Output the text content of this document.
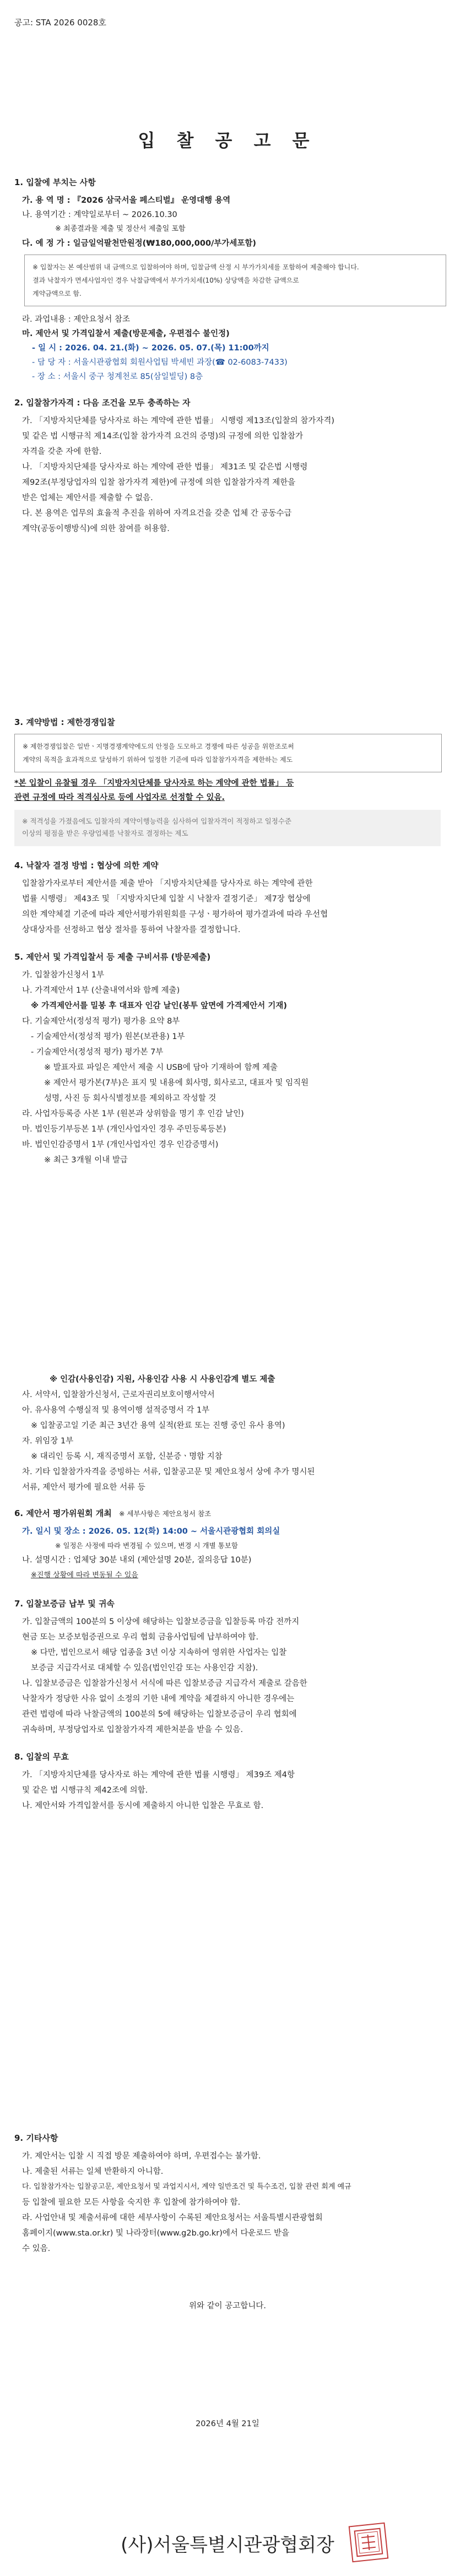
공고: STA 2026 0028호
입 찰 공 고 문
1. 입찰에 부치는 사항
가. 용 역 명 : 『2026 삼국서울 페스티벌』 운영대행 용역
나. 용역기간 : 계약일로부터 ~ 2026.10.30
※ 최종결과물 제출 및 정산서 제출일 포함
다. 예 정 가 : 일금일억팔천만원정(₩180,000,000/부가세포함)
※ 입찰자는 본 예산범위 내 금액으로 입찰하여야 하며, 입찰금액 산정 시 부가가치세를 포함하여 제출해야 합니다.
결과 낙찰자가 면세사업자인 경우 낙찰금액에서 부가가치세(10%) 상당액을 차감한 금액으로
계약금액으로 함.
라. 과업내용 : 제안요청서 참조
마. 제안서 및 가격입찰서 제출(방문제출, 우편접수 불인정)
- 일 시 : 2026. 04. 21.(화) ~ 2026. 05. 07.(목) 11:00까지
- 담 당 자 : 서울시관광협회 회원사업팀 박세빈 과장(☎ 02-6083-7433)
- 장 소 : 서울시 중구 청계천로 85(삼일빌딩) 8층
2. 입찰참가자격 : 다음 조건을 모두 충족하는 자
가. 「지방자치단체를 당사자로 하는 계약에 관한 법률」 시행령 제13조(입찰의 참가자격)
및 같은 법 시행규칙 제14조(입찰 참가자격 요건의 증명)의 규정에 의한 입찰참가
자격을 갖춘 자에 한함.
나. 「지방자치단체를 당사자로 하는 계약에 관한 법률」 제31조 및 같은법 시행령
제92조(부정당업자의 입찰 참가자격 제한)에 규정에 의한 입찰참가자격 제한을
받은 업체는 제안서를 제출할 수 없음.
다. 본 용역은 업무의 효율적 추진을 위하여 자격요건을 갖춘 업체 간 공동수급
계약(공동이행방식)에 의한 참여를 허용함.
3. 계약방법 : 제한경쟁입찰
※ 제한경쟁입찰은 일반ㆍ지명경쟁계약에도의 안정을 도모하고 경쟁에 따른 성공을 위한조로써
계약의 목적을 효과적으로 달성하기 위하여 일정한 기준에 따라 입찰참가자격을 제한하는 제도
*본 입찰이 유찰될 경우 「지방자치단체를 당사자로 하는 계약에 관한 법률」 등
관련 규정에 따라 적격심사로 등에 사업자로 선정할 수 있음.
※ 적격성을 가졌음에도 입찰자의 계약이행능력을 심사하여 입찰자격이 적정하고 일정수준
이상의 평점을 받은 우량업체를 낙찰자로 결정하는 제도
4. 낙찰자 결정 방법 : 협상에 의한 계약
입찰참가자로부터 제안서를 제출 받아 「지방자치단체를 당사자로 하는 계약에 관한
법률 시행령」 제43조 및 「지방자치단체 입찰 시 낙찰자 결정기준」 제7장 협상에
의한 계약체결 기준에 따라 제안서평가위원회를 구성ㆍ평가하여 평가결과에 따라 우선협
상대상자를 선정하고 협상 절차를 통하여 낙찰자를 결정합니다.
5. 제안서 및 가격입찰서 등 제출 구비서류 (방문제출)
가. 입찰참가신청서 1부
나. 가격제안서 1부 (산출내역서와 함께 제출)
※ 가격제안서를 밀봉 후 대표자 인감 날인(봉투 앞면에 가격제안서 기재)
다. 기술제안서(정성적 평가) 평가용 요약 8부
- 기술제안서(정성적 평가) 원본(보관용) 1부
- 기술제안서(정성적 평가) 평가본 7부
※ 발표자료 파일은 제안서 제출 시 USB에 담아 기재하여 함께 제출
※ 제안서 평가본(7부)은 표지 및 내용에 회사명, 회사로고, 대표자 및 임직원
성명, 사진 등 회사식별정보를 제외하고 작성할 것
라. 사업자등록증 사본 1부 (원본과 상위함을 명기 후 인감 날인)
마. 법인등기부등본 1부 (개인사업자인 경우 주민등록등본)
바. 법인인감증명서 1부 (개인사업자인 경우 인감증명서)
※ 최근 3개월 이내 발급
※ 인감(사용인감) 지원, 사용인감 사용 시 사용인감계 별도 제출
사. 서약서, 입찰참가신청서, 근로자권리보호이행서약서
아. 유사용역 수행실적 및 용역이행 설적증명서 각 1부
※ 입찰공고일 기준 최근 3년간 용역 실적(완료 또는 진행 중인 유사 용역)
자. 위임장 1부
※ 대리인 등록 시, 재직증명서 포함, 신분증ㆍ명함 지참
차. 기타 입찰참가자격을 증빙하는 서류, 입찰공고문 및 제안요청서 상에 추가 명시된
서류, 제안서 평가에 필요한 서류 등
6. 제안서 평가위원회 개최 ※ 세부사항은 제안요청서 참조
가. 일시 및 장소 : 2026. 05. 12(화) 14:00 ~ 서울시관광협회 회의실
※ 일정은 사정에 따라 변경될 수 있으며, 변경 시 개별 통보함
나. 설명시간 : 업체당 30분 내외 (제안설명 20분, 질의응답 10분)
※진행 상황에 따라 변동될 수 있음
7. 입찰보증금 납부 및 귀속
가. 입찰금액의 100분의 5 이상에 해당하는 입찰보증금을 입찰등록 마감 전까지
현금 또는 보증보험증권으로 우리 협회 금융사업팀에 납부하여야 함.
※ 다만, 법인으로서 해당 업종을 3년 이상 지속하여 영위한 사업자는 입찰
보증금 지급각서로 대체할 수 있음(법인인감 또는 사용인감 지참).
나. 입찰보증금은 입찰참가신청서 서식에 따른 입찰보증금 지급각서 제출로 갈음한
낙찰자가 정당한 사유 없이 소정의 기한 내에 계약을 체결하지 아니한 경우에는
관련 법령에 따라 낙찰금액의 100분의 5에 해당하는 입찰보증금이 우리 협회에
귀속하며, 부정당업자로 입찰참가자격 제한처분을 받을 수 있음.
8. 입찰의 무효
가. 「지방자치단체를 당사자로 하는 계약에 관한 법률 시행령」 제39조 제4항
및 같은 법 시행규칙 제42조에 의함.
나. 제안서와 가격입찰서를 동시에 제출하지 아니한 입찰은 무효로 함.
9. 기타사항
가. 제안서는 입찰 시 직접 방문 제출하여야 하며, 우편접수는 불가함.
나. 제출된 서류는 일체 반환하지 아니함.
다. 입찰참가자는 입찰공고문, 제안요청서 및 과업지시서, 계약 일반조건 및 특수조건, 입찰 관련 회계 예규
등 입찰에 필요한 모든 사항을 숙지한 후 입찰에 참가하여야 함.
라. 사업안내 및 제출서류에 대한 세부사항이 수록된 제안요청서는 서울특별시관광협회
홈페이지(www.sta.or.kr) 및 나라장터(www.g2b.go.kr)에서 다운로드 받을
수 있음.
위와 같이 공고합니다.
2026년 4월 21일
(사)서울특별시관광협회장
